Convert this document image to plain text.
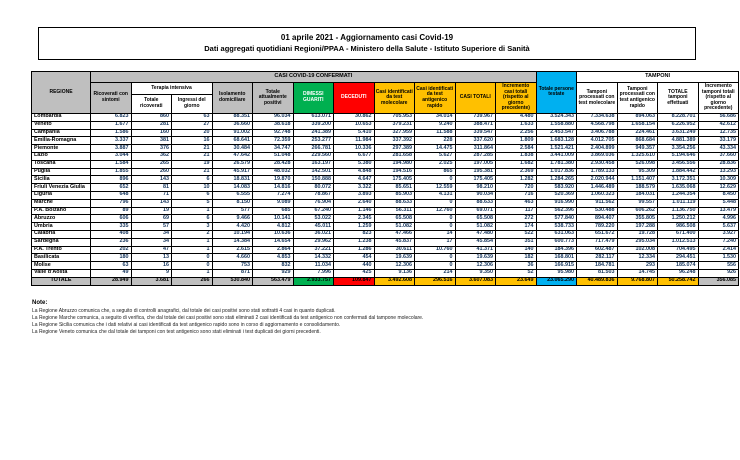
01 aprile 2021 - Aggiornamento casi Covid-19
Dati aggregati quotidiani Regioni/PPAA - Ministero della Salute - Istituto Superiore di Sanità
REGIONE	CASI COVID-19 CONFERMATI											Totale persone testate	TAMPONI			
	Ricoverati con sintomi	Terapia intensiva		Isolamento domiciliare	Totale attualmente positivi	DIMESSI GUARITI	DECEDUTI	Casi identificati da test molecolare	Casi identificati da test antigenico rapido	CASI TOTALI	Incremento casi totali (rispetto al giorno precedente)		Tamponi processati con test molecolare	Tamponi processati con test antigenico rapido	TOTALE tamponi effettuati	Incremento tamponi totali (rispetto al giorno precedente)
		Totale ricoverati	Ingressi del giorno													
Lombardia	6.823	860	63	88.351	96.034	613.071	30.862	705.953	34.014	739.967	4.480	3.524.343	7.334.638	894.063	8.228.701	56.686
Veneto	1.677	281	27	36.660	38.618	339.200	10.653	379.231	9.240	388.471	1.633	1.558.880	4.568.798	1.658.154	6.226.952	42.612
Campania	1.586	160	20	91.002	92.748	241.389	5.410	327.959	11.588	339.547	2.256	2.453.547	3.406.788	224.461	3.631.249	12.735
Emilia-Romagna	3.337	381	16	68.641	72.359	253.277	11.984	337.392	228	337.620	1.809	1.683.128	4.012.705	868.684	4.881.389	33.179
Piemonte	3.887	376	21	30.484	34.747	266.781	10.336	297.389	14.475	311.864	2.584	1.521.421	2.404.899	949.357	3.354.256	43.334
Lazio	3.044	362	21	47.642	51.048	229.560	6.677	281.658	5.627	287.285	1.838	3.441.009	3.869.036	1.325.610	5.194.646	37.660
Toscana	1.584	265	19	26.579	28.428	163.197	5.380	194.980	2.025	197.005	1.682	1.781.380	2.930.458	526.098	3.456.556	28.836
Puglia	1.855	260	21	45.917	48.032	142.501	4.848	194.516	865	195.381	2.369	1.017.836	1.789.133	95.309	1.884.442	13.293
Sicilia	896	143	6	18.831	19.870	150.888	4.647	175.405	0	175.405	1.282	1.284.265	2.020.944	1.151.407	3.172.351	10.309
Friuli Venezia Giulia	652	81	10	14.083	14.816	80.072	3.322	85.651	12.559	98.210	720	583.920	1.446.489	188.579	1.635.068	12.629
Liguria	648	71	6	6.555	7.274	78.867	3.893	85.903	4.131	90.034	716	520.369	1.060.323	184.031	1.244.354	8.450
Marche	796	143	5	8.150	9.089	76.904	2.640	88.633	0	88.633	463	916.990	911.562	99.557	1.011.119	5.448
P.A. Bolzano	89	19	1	577	685	67.240	1.146	56.311	12.760	69.071	117	562.396	530.488	606.262	1.136.750	13.479
Abruzzo	606	69	6	9.466	10.141	53.022	2.345	65.508	0	65.508	272	577.840	894.407	355.805	1.250.212	4.996
Umbria	335	57	3	4.420	4.812	45.011	1.259	51.082	0	51.082	174	538.733	789.220	197.288	986.508	5.637
Calabria	408	34	2	10.194	10.636	36.021	823	47.466	14	47.480	522	631.063	651.672	19.728	671.400	3.927
Sardegna	236	34	1	14.384	14.654	29.962	1.238	45.837	17	45.854	351	600.773	717.479	295.034	1.012.513	7.240
P.A. Trento	202	47	1	2.615	2.864	37.221	1.286	30.611	10.760	41.371	140	184.396	602.487	102.008	704.495	2.414
Basilicata	180	13	0	4.660	4.853	14.332	454	19.639	0	19.639	182	168.801	282.117	12.334	294.451	1.530
Molise	63	16	0	753	832	11.034	440	12.306	0	12.306	36	166.915	184.781	293	185.074	556
Valle d'Aosta	49	9	1	871	929	7.996	425	9.136	214	9.350	52	95.980	81.503	14.745	96.248	926
TOTALE	28.949	3.681	266	530.840	563.479	2.933.757	109.847	3.492.608	296.516	3.607.083	23.649	23.065.290	40.489.836	9.768.807	50.258.742	356.085
Note:
La Regione Abruzzo comunica che, a seguito di controlli anagrafici, dal totale dei casi positivi sono stati sottratti 4 casi in quanto duplicati.
La Regione Marche comunica, a seguito di verifica, che dal totale dei casi positivi sono stati eliminati 2 casi identificati da test antigenico non confermati dal tampone molecolare.
La Regione Sicilia comunica che i dati relativi ai casi identificati da test antigenico rapido sono in corso di aggiornamento e consolidamento.
La Regione Veneto comunica che dal totale dei tamponi con test antigenico sono stati eliminati i test duplicati dei giorni precedenti.
